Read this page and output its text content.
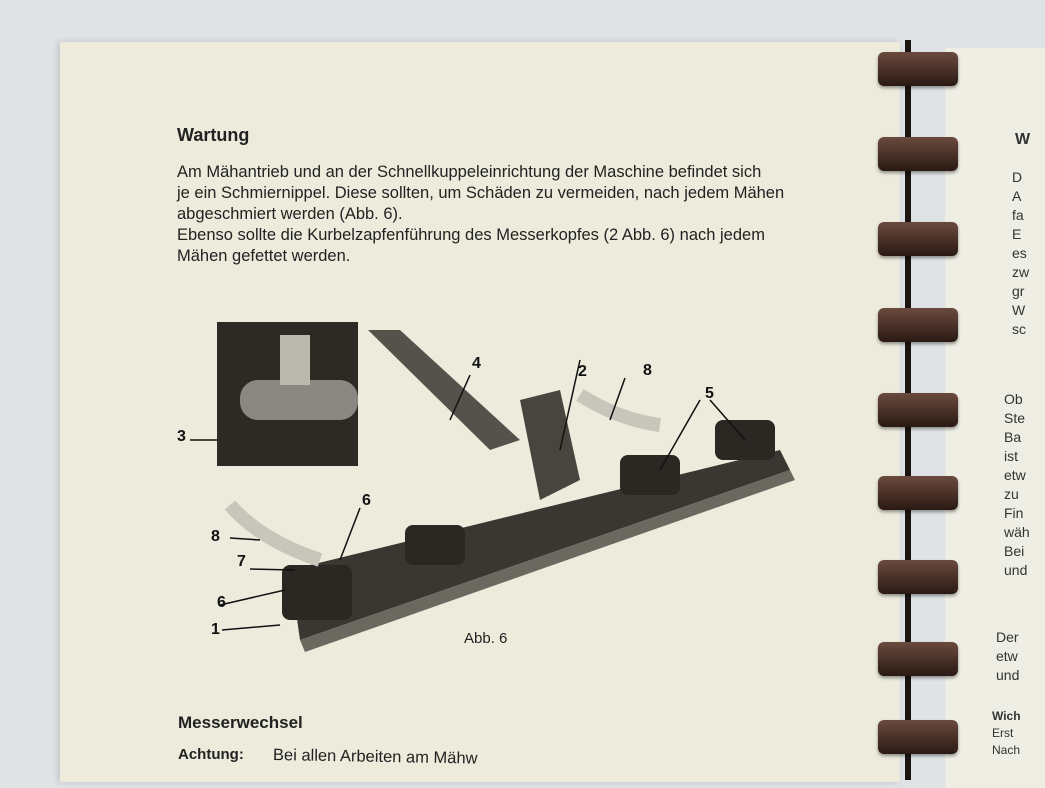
Wartung
Am Mähantrieb und an der Schnellkuppeleinrichtung der Maschine befindet sich
je ein Schmiernippel. Diese sollten, um Schäden zu vermeiden, nach jedem Mähen
abgeschmiert werden (Abb. 6).
Ebenso sollte die Kurbelzapfenführung des Messerkopfes (2 Abb. 6) nach jedem
Mähen gefettet werden.
3
4	2	8
5
6
8
7
6
1
Abb. 6
Messerwechsel
Achtung: Bei allen Arbeiten am Mähw
W
D
A
fa
E
es
zw
gr
W
sc
Ob
Ste
Ba
ist
etw
zu
Fin
wäh
Bei
und
Der
etw
und
Wich
Erst
Nach
